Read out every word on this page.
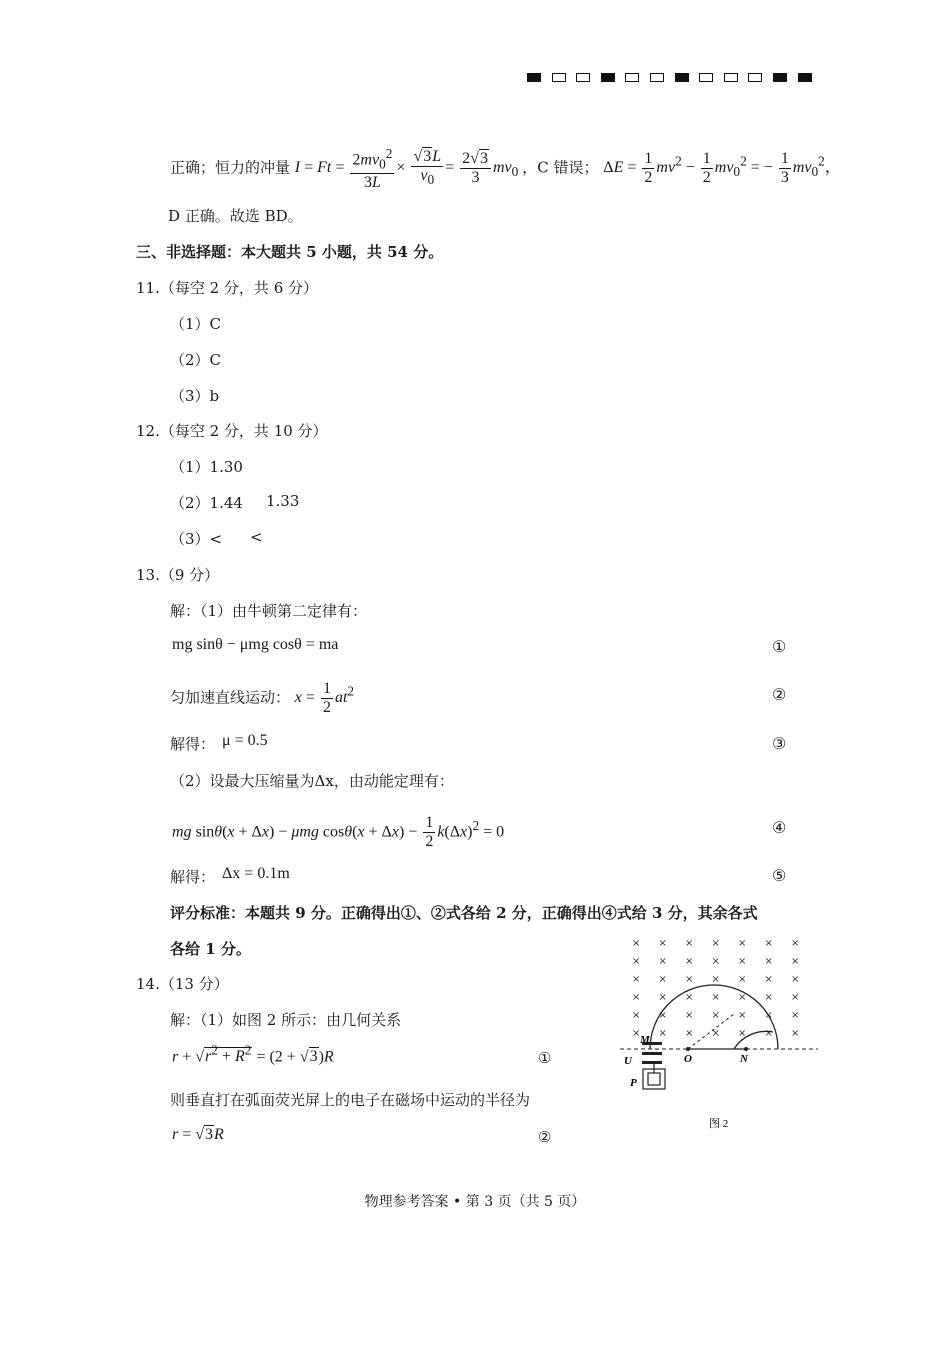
正确；恒力的冲量 $I = Ft = \frac{2mv_0^2}{3L} \times \frac{√3L}{v_0} = \frac{2√3}{3} mv_0$ ，C 错误； $\Delta E = \frac{1}{2} mv^2 - \frac{1}{2} mv_0^2$ = − $\frac{1}{3} mv_0^2$，
D 正确。故选 BD。
三、非选择题：本大题共 5 小题，共 54 分。
11.（每空 2 分，共 6 分）
（1）C
（2）C
（3）b
12.（每空 2 分，共 10 分）
（1）1.30
（2）1.44 1.33
（3）< <
13.（9 分）
解：（1）由牛顿第二定律有：
mg sinθ − μmg cosθ = ma	①
匀加速直线运动： $x = \frac{1}{2} at^2$	②
解得： μ = 0.5	③
（2）设最大压缩量为Δx，由动能定理有：
mg sinθ(x + Δx) − μmg $\cos\theta(x + \Delta x) - \frac{1}{2} k(\Delta x)^2 = 0$	④
解得： Δx = 0.1m	⑤
评分标准：本题共 9 分。正确得出①、②式各给 2 分，正确得出④式给 3 分，其余各式
各给 1 分。
14.（13 分）
解：（1）如图 2 所示：由几何关系
$r + √r^2 + R^2 = (2 + √3)R$	①
则垂直打在弧面荧光屏上的电子在磁场中运动的半径为
r = √3R	②
× × × × × × ×
× × × × × × ×
× × × × × × ×
× × × × × × ×
× × × × × × ×
× × × × × × ×
M
U	O	N
P
图 2
物理参考答案 • 第 3 页（共 5 页）
